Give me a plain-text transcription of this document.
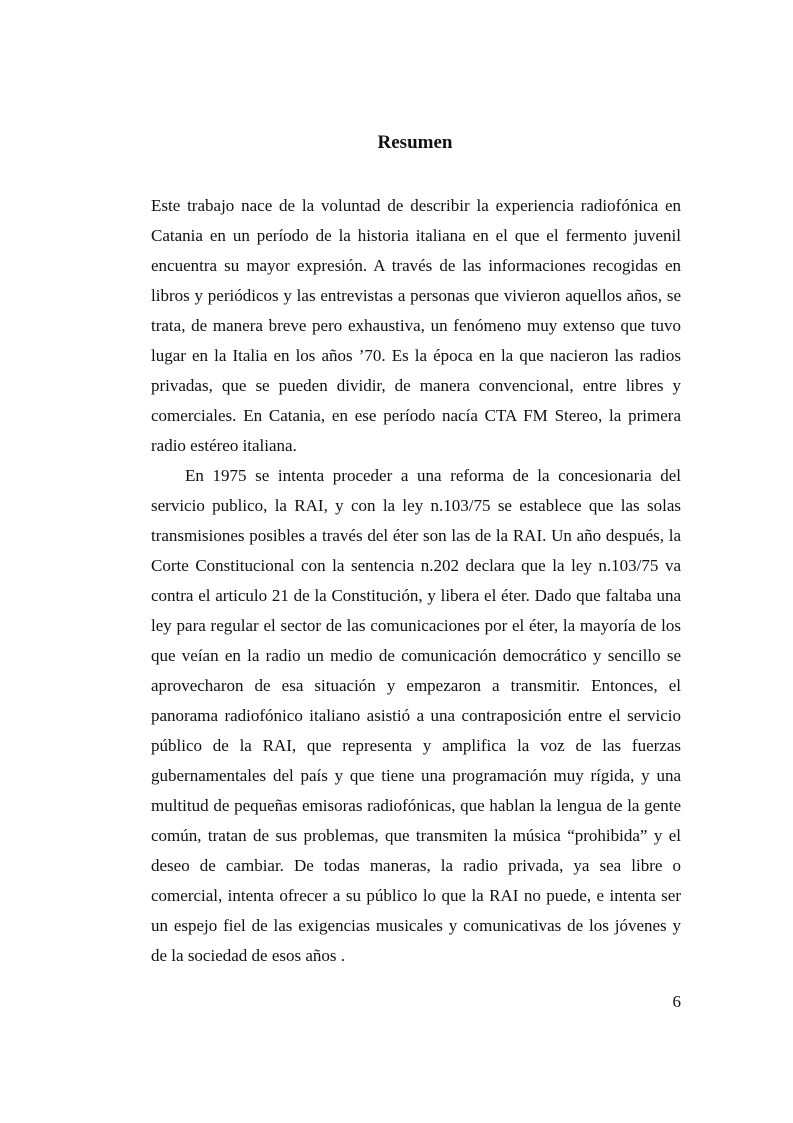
Resumen

Este trabajo nace de la voluntad de describir la experiencia radiofónica en Catania en un período de la historia italiana en el que el fermento juvenil encuentra su mayor expresión. A través de las informaciones recogidas en libros y periódicos y las entrevistas a personas que vivieron aquellos años, se trata, de manera breve pero exhaustiva, un fenómeno muy extenso que tuvo lugar en la Italia en los años ’70. Es la época en la que nacieron las radios privadas, que se pueden dividir, de manera convencional, entre libres y comerciales. En Catania, en ese período nacía CTA FM Stereo, la primera radio estéreo italiana.

En 1975 se intenta proceder a una reforma de la concesionaria del servicio publico, la RAI, y con la ley n.103/75 se establece que las solas transmisiones posibles a través del éter son las de la RAI. Un año después, la Corte Constitucional con la sentencia n.202 declara que la ley n.103/75 va contra el articulo 21 de la Constitución, y libera el éter. Dado que faltaba una ley para regular el sector de las comunicaciones por el éter, la mayoría de los que veían en la radio un medio de comunicación democrático y sencillo se aprovecharon de esa situación y empezaron a transmitir. Entonces, el panorama radiofónico italiano asistió a una contraposición entre el servicio público de la RAI, que representa y amplifica la voz de las fuerzas gubernamentales del país y que tiene una programación muy rígida, y una multitud de pequeñas emisoras radiofónicas, que hablan la lengua de la gente común, tratan de sus problemas, que transmiten la música “prohibida” y el deseo de cambiar. De todas maneras, la radio privada, ya sea libre o comercial, intenta ofrecer a su público lo que la RAI no puede, e intenta ser un espejo fiel de las exigencias musicales y comunicativas de los jóvenes y de la sociedad de esos años .

6
